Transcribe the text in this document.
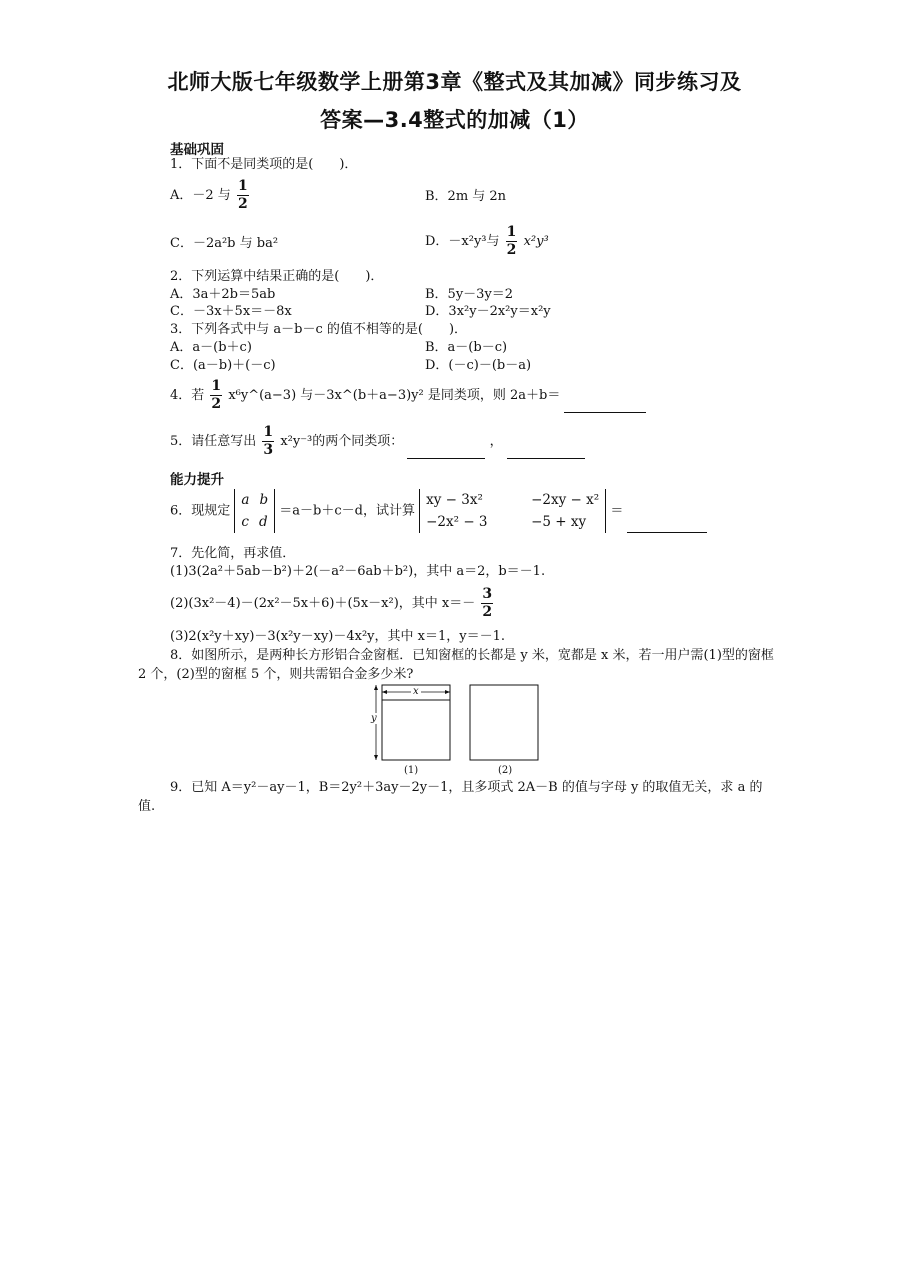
北师大版七年级数学上册第3章《整式及其加减》同步练习及
答案—3.4整式的加减（1）
基础巩固
1．下面不是同类项的是(　　)．
A．－2 与 $\frac{1}{2}$	B．2m 与 2n
C．－2a²b 与 ba²	D．－x²y³与 $\frac{1}{2} x^2y^3$
2．下列运算中结果正确的是(　　)．
A．3a＋2b＝5ab	B．5y－3y＝2
C．－3x＋5x＝－8x	D．3x²y－2x²y＝x²y
3．下列各式中与 a－b－c 的值不相等的是(　　)．
A．a－(b＋c)	B．a－(b－c)
C．(a－b)＋(－c)	D．(－c)－(b－a)
4．若 $\frac{1}{2}$ x⁶y^(a−3) 与－3x^(b＋a−3)y² 是同类项，则 2a＋b＝
5．请任意写出 $\frac{1}{3} x^2y^{-3}$的两个同类项：	，
能力提升
6．现规定
a b
c d
＝a－b＋c－d，试计算
xy − 3x²	−2xy − x²
−2x² − 3	−5 + xy
＝
7．先化简，再求值．
(1)3(2a²＋5ab－b²)＋2(－a²－6ab＋b²)，其中 a＝2，b＝－1.
(2)(3x²－4)－(2x²－5x＋6)＋(5x－x²)，其中 $x=- \frac{3}{2}$
(3)2(x²y＋xy)－3(x²y－xy)－4x²y，其中 x＝1，y＝－1.
8．如图所示，是两种长方形铝合金窗框．已知窗框的长都是 y 米，宽都是 x 米，若一用户需(1)型的窗框 2 个，(2)型的窗框 5 个，则共需铝合金多少米?
x
y
(1)	(2)
9．已知 A＝y²－ay－1，B＝2y²＋3ay－2y－1，且多项式 2A－B 的值与字母 y 的取值无关，求 a 的值.
